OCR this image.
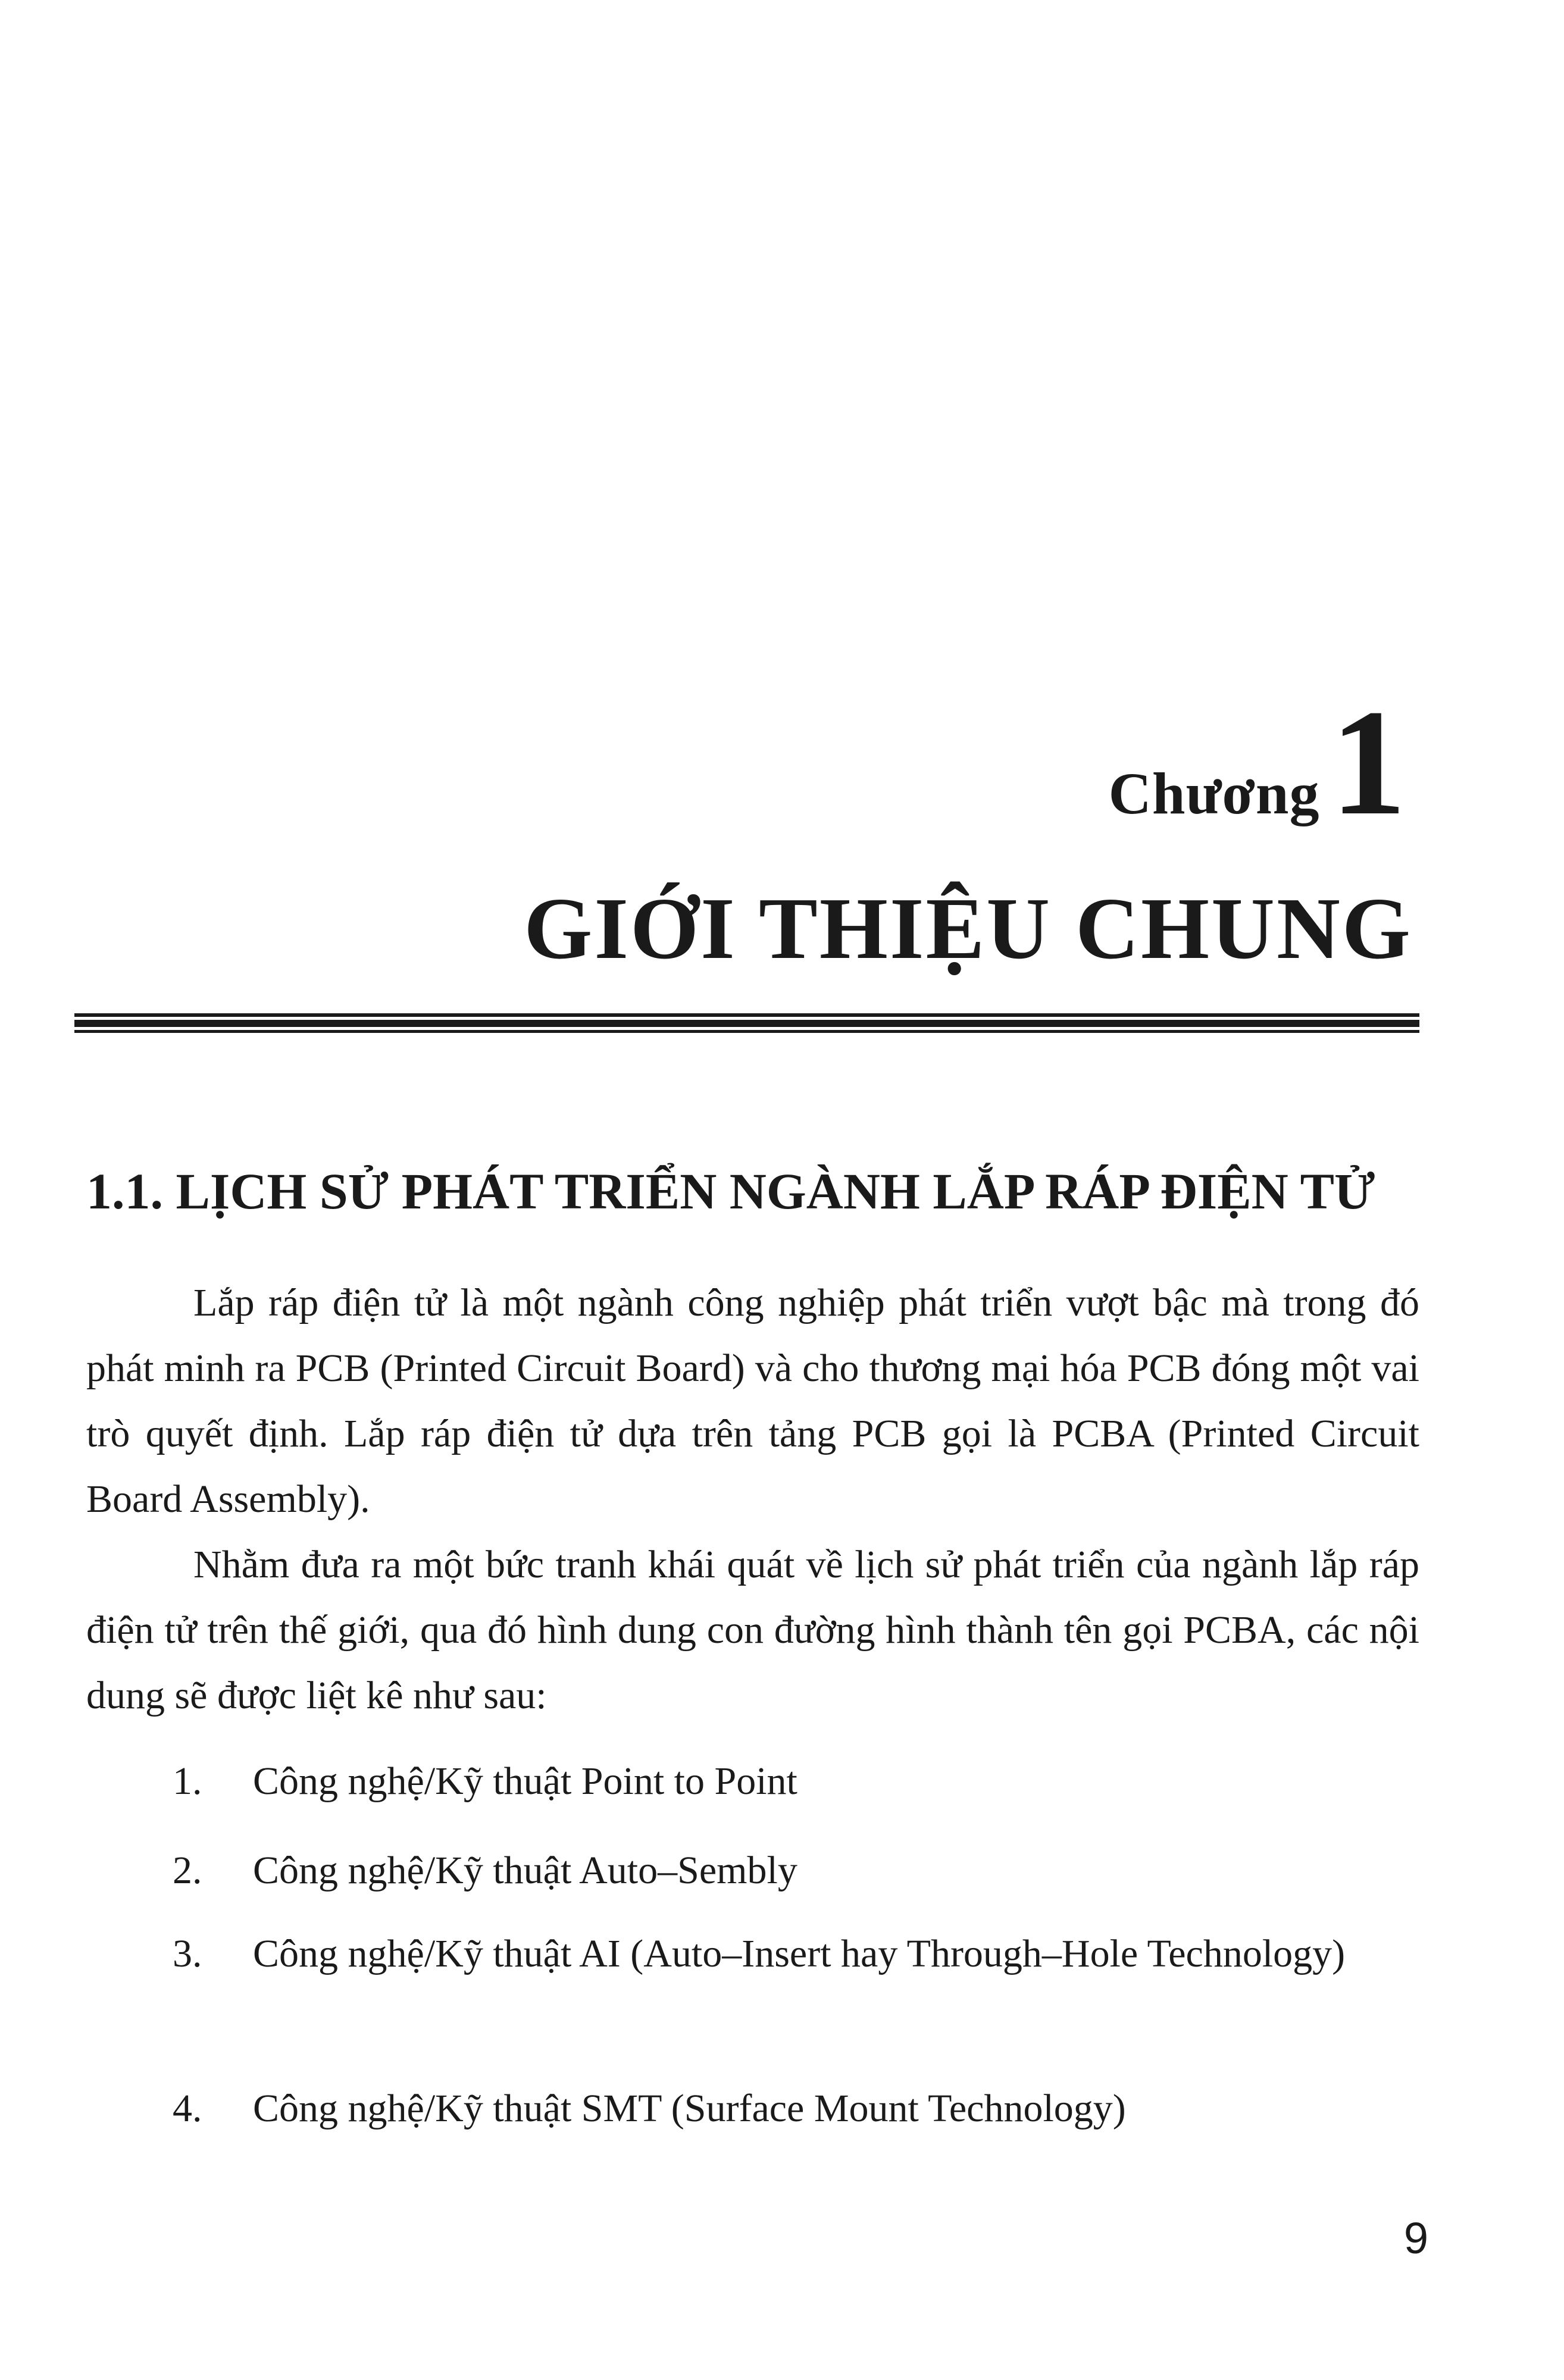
Chương1
GIỚI THIỆU CHUNG
1.1. LỊCH SỬ PHÁT TRIỂN NGÀNH LẮP RÁP ĐIỆN TỬ

Lắp ráp điện tử là một ngành công nghiệp phát triển vượt bậc mà trong đó phát minh ra PCB (Printed Circuit Board) và cho thương mại hóa PCB đóng một vai trò quyết định. Lắp ráp điện tử dựa trên tảng PCB gọi là PCBA (Printed Circuit Board Assembly).

Nhằm đưa ra một bức tranh khái quát về lịch sử phát triển của ngành lắp ráp điện tử trên thế giới, qua đó hình dung con đường hình thành tên gọi PCBA, các nội dung sẽ được liệt kê như sau:

1.	Công nghệ/Kỹ thuật Point to Point
2.	Công nghệ/Kỹ thuật Auto–Sembly
3.	Công nghệ/Kỹ thuật AI (Auto–Insert hay Through–Hole Technology)
4.	Công nghệ/Kỹ thuật SMT (Surface Mount Technology)
9
